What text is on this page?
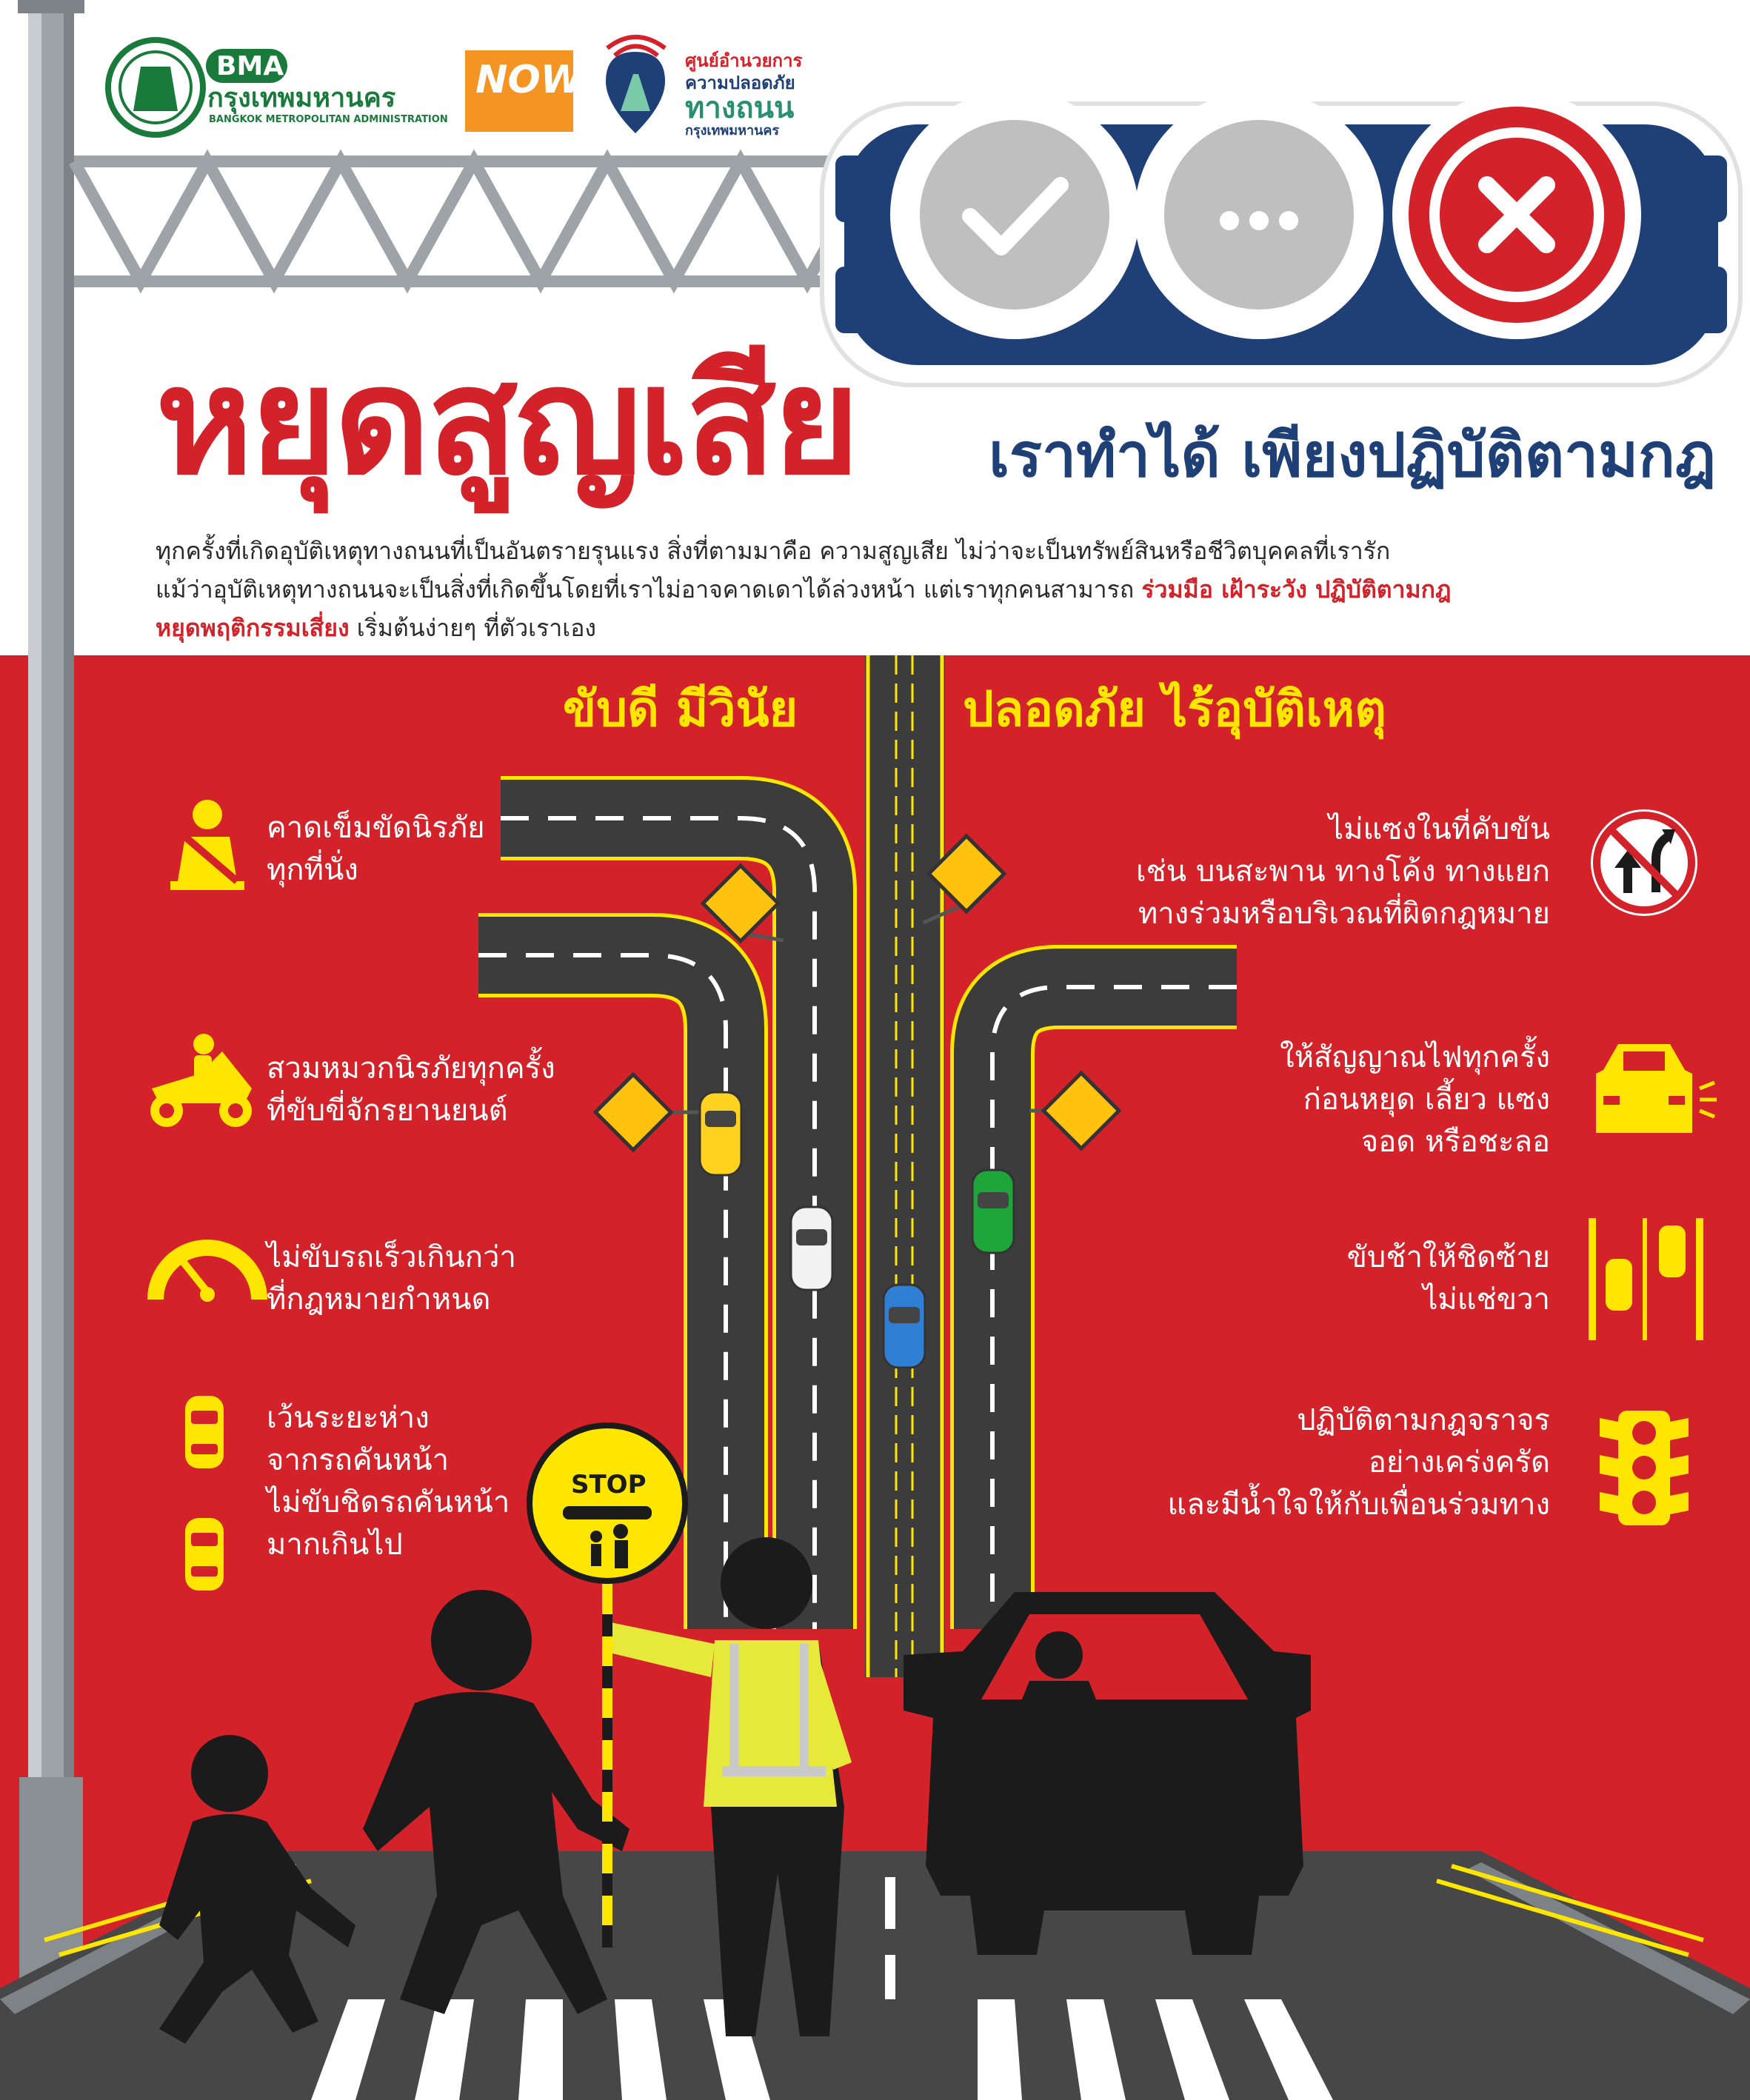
BMA
กรุงเทพมหานคร
BANGKOK METROPOLITAN ADMINISTRATION
NOW	ศูนย์อำนวยการ
ความปลอดภัย
ทางถนน
กรุงเทพมหานคร
หยุดสูญเสีย เราทำได้ เพียงปฏิบัติตามกฎ
ทุกครั้งที่เกิดอุบัติเหตุทางถนนที่เป็นอันตรายรุนแรง สิ่งที่ตามมาคือ ความสูญเสีย ไม่ว่าจะเป็นทรัพย์สินหรือชีวิตบุคคลที่เรารัก
แม้ว่าอุบัติเหตุทางถนนจะเป็นสิ่งที่เกิดขึ้นโดยที่เราไม่อาจคาดเดาได้ล่วงหน้า แต่เราทุกคนสามารถ ร่วมมือ เฝ้าระวัง ปฏิบัติตามกฎ
หยุดพฤติกรรมเสี่ยง เริ่มต้นง่ายๆ ที่ตัวเราเอง
ขับดี มีวินัย	ปลอดภัย ไร้อุบัติเหตุ
คาดเข็มขัดนิรภัย
ทุกที่นั่ง
สวมหมวกนิรภัยทุกครั้ง
ที่ขับขี่จักรยานยนต์
ไม่ขับรถเร็วเกินกว่า
ที่กฎหมายกำหนด
เว้นระยะห่าง
จากรถคันหน้า
ไม่ขับชิดรถคันหน้า
มากเกินไป
ไม่แซงในที่คับขัน
เช่น บนสะพาน ทางโค้ง ทางแยก
ทางร่วมหรือบริเวณที่ผิดกฎหมาย
ให้สัญญาณไฟทุกครั้ง
ก่อนหยุด เลี้ยว แซง
จอด หรือชะลอ
ขับช้าให้ชิดซ้าย
ไม่แช่ขวา
ปฏิบัติตามกฎจราจร
อย่างเคร่งครัด
และมีน้ำใจให้กับเพื่อนร่วมทาง
STOP
